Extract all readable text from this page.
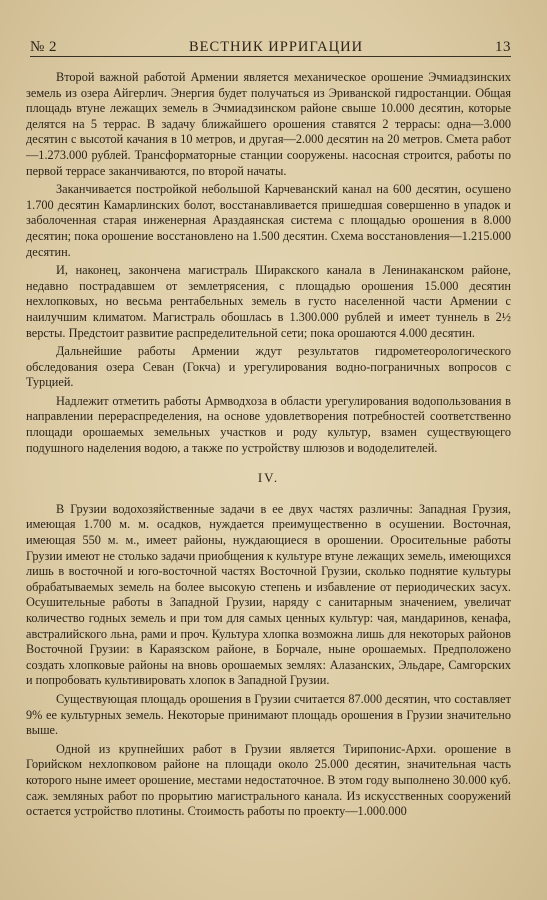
№ 2	ВЕСТНИК ИРРИГАЦИИ	13

Второй важной работой Армении является механическое орошение Эчмиадзинских земель из озера Айгерлич. Энергия будет получаться из Эриванской гидростанции. Общая площадь втуне лежащих земель в Эчмиадзинском районе свыше 10.000 десятин, которые делятся на 5 террас. В задачу ближайшего орошения ставятся 2 террасы: одна—3.000 десятин с высотой качания в 10 метров, и другая—2.000 десятин на 20 метров. Смета работ—1.273.000 рублей. Трансформаторные станции сооружены. насосная строится, работы по первой террасе заканчиваются, по второй начаты.

Заканчивается постройкой небольшой Карчеванский канал на 600 десятин, осушено 1.700 десятин Камарлинских болот, восстанавливается пришедшая совершенно в упадок и заболоченная старая инженерная Араздаянская система с площадью орошения в 8.000 десятин; пока орошение восстановлено на 1.500 десятин. Схема восстановления—1.215.000 десятин.

И, наконец, закончена магистраль Ширакского канала в Ленинаканском районе, недавно пострадавшем от землетрясения, с площадью орошения 15.000 десятин нехлопковых, но весьма рентабельных земель в густо населенной части Армении с наилучшим климатом. Магистраль обошлась в 1.300.000 рублей и имеет туннель в 2½ версты. Предстоит развитие распределительной сети; пока орошаются 4.000 десятин.

Дальнейшие работы Армении ждут результатов гидрометеорологического обследования озера Севан (Гокча) и урегулирования водно-пограничных вопросов с Турцией.

Надлежит отметить работы Армводхоза в области урегулирования водопользования в направлении перераспределения, на основе удовлетворения потребностей соответственно площади орошаемых земельных участков и роду культур, взамен существующего подушного наделения водою, а также по устройству шлюзов и вододелителей.

IV.

В Грузии водохозяйственные задачи в ее двух частях различны: Западная Грузия, имеющая 1.700 м. м. осадков, нуждается преимущественно в осушении. Восточная, имеющая 550 м. м., имеет районы, нуждающиеся в орошении. Оросительные работы Грузии имеют не столько задачи приобщения к культуре втуне лежащих земель, имеющихся лишь в восточной и юго-восточной частях Восточной Грузии, сколько поднятие культуры обрабатываемых земель на более высокую степень и избавление от периодических засух. Осушительные работы в Западной Грузии, наряду с санитарным значением, увеличат количество годных земель и при том для самых ценных культур: чая, мандаринов, кенафа, австралийского льна, рами и проч. Культура хлопка возможна лишь для некоторых районов Восточной Грузии: в Караязском районе, в Борчале, ныне орошаемых. Предположено создать хлопковые районы на вновь орошаемых землях: Алазанских, Эльдаре, Самгорских и попробовать культивировать хлопок в Западной Грузии.

Существующая площадь орошения в Грузии считается 87.000 десятин, что составляет 9% ее культурных земель. Некоторые принимают площадь орошения в Грузии значительно выше.

Одной из крупнейших работ в Грузии является Тирипонис-Архи. орошение в Горийском нехлопковом районе на площади около 25.000 десятин, значительная часть которого ныне имеет орошение, местами недостаточное. В этом году выполнено 30.000 куб. саж. земляных работ по прорытию магистрального канала. Из искусственных сооружений остается устройство плотины. Стоимость работы по проекту—1.000.000
